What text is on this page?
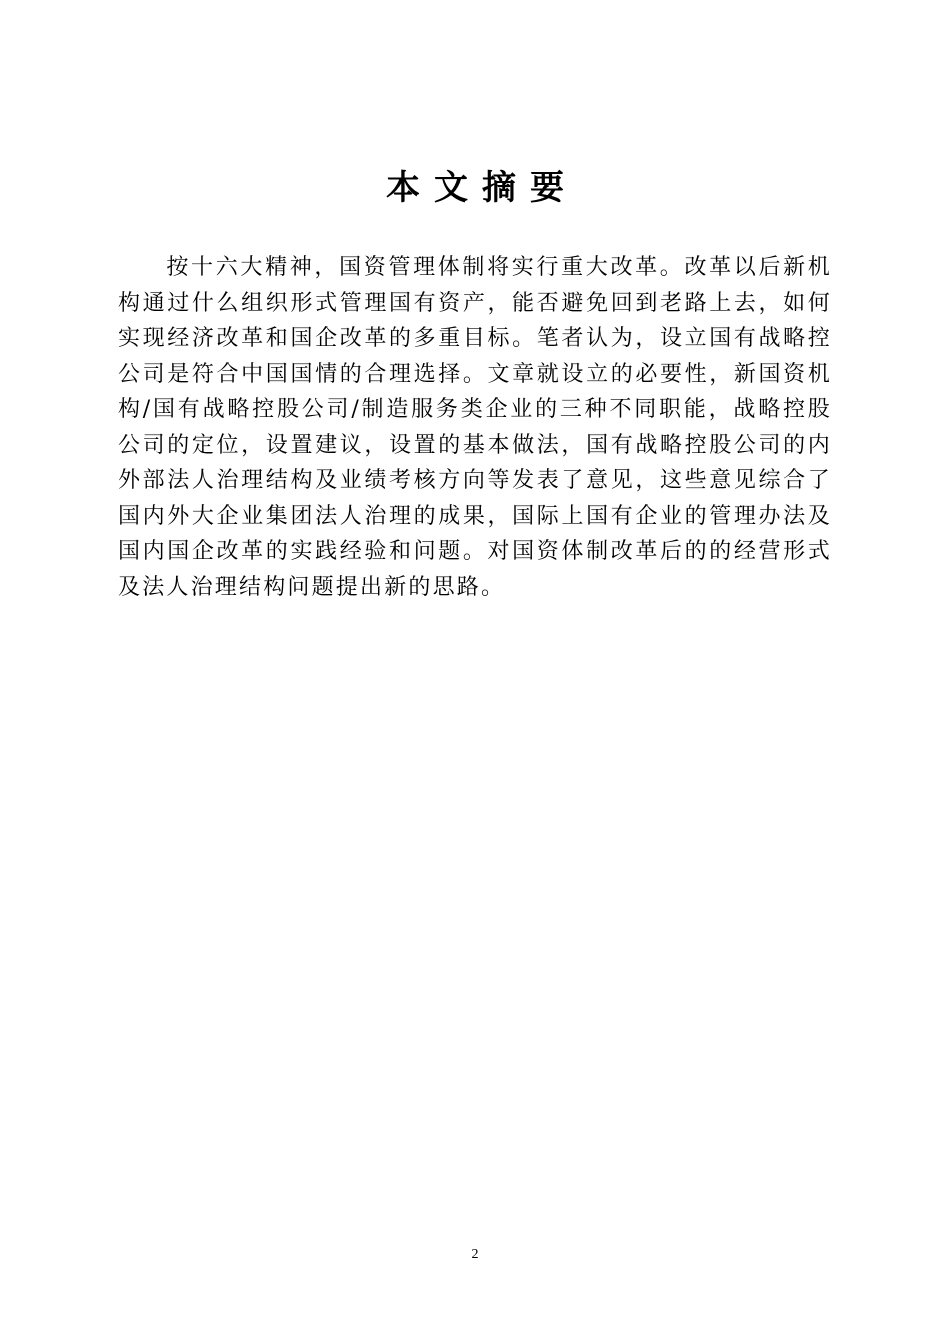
本文摘要

按十六大精神，国资管理体制将实行重大改革。改革以后新机构通过什么组织形式管理国有资产，能否避免回到老路上去，如何实现经济改革和国企改革的多重目标。笔者认为，设立国有战略控公司是符合中国国情的合理选择。文章就设立的必要性，新国资机构/国有战略控股公司/制造服务类企业的三种不同职能，战略控股公司的定位，设置建议，设置的基本做法，国有战略控股公司的内外部法人治理结构及业绩考核方向等发表了意见，这些意见综合了国内外大企业集团法人治理的成果，国际上国有企业的管理办法及国内国企改革的实践经验和问题。对国资体制改革后的的经营形式及法人治理结构问题提出新的思路。

2
